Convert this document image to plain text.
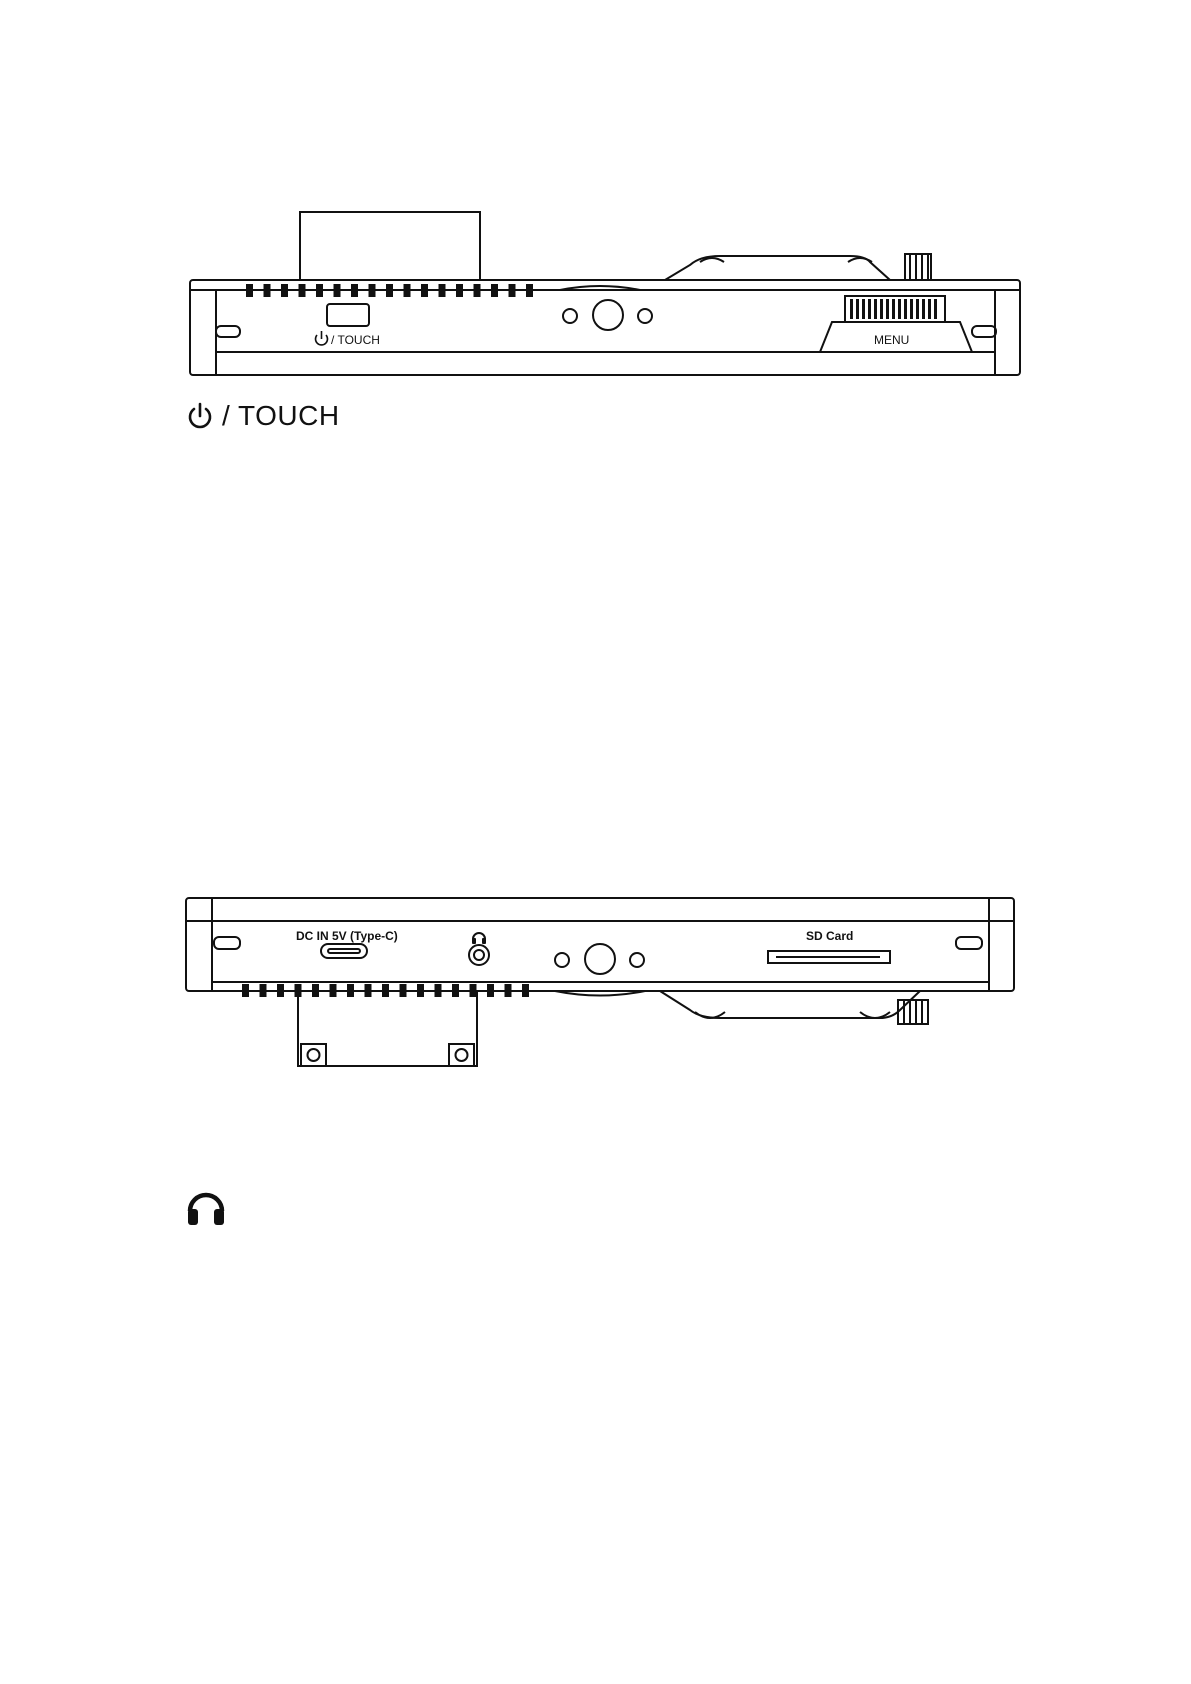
/ TOUCH	MENU
/ TOUCH
DC IN 5V (Type-C)	SD Card
